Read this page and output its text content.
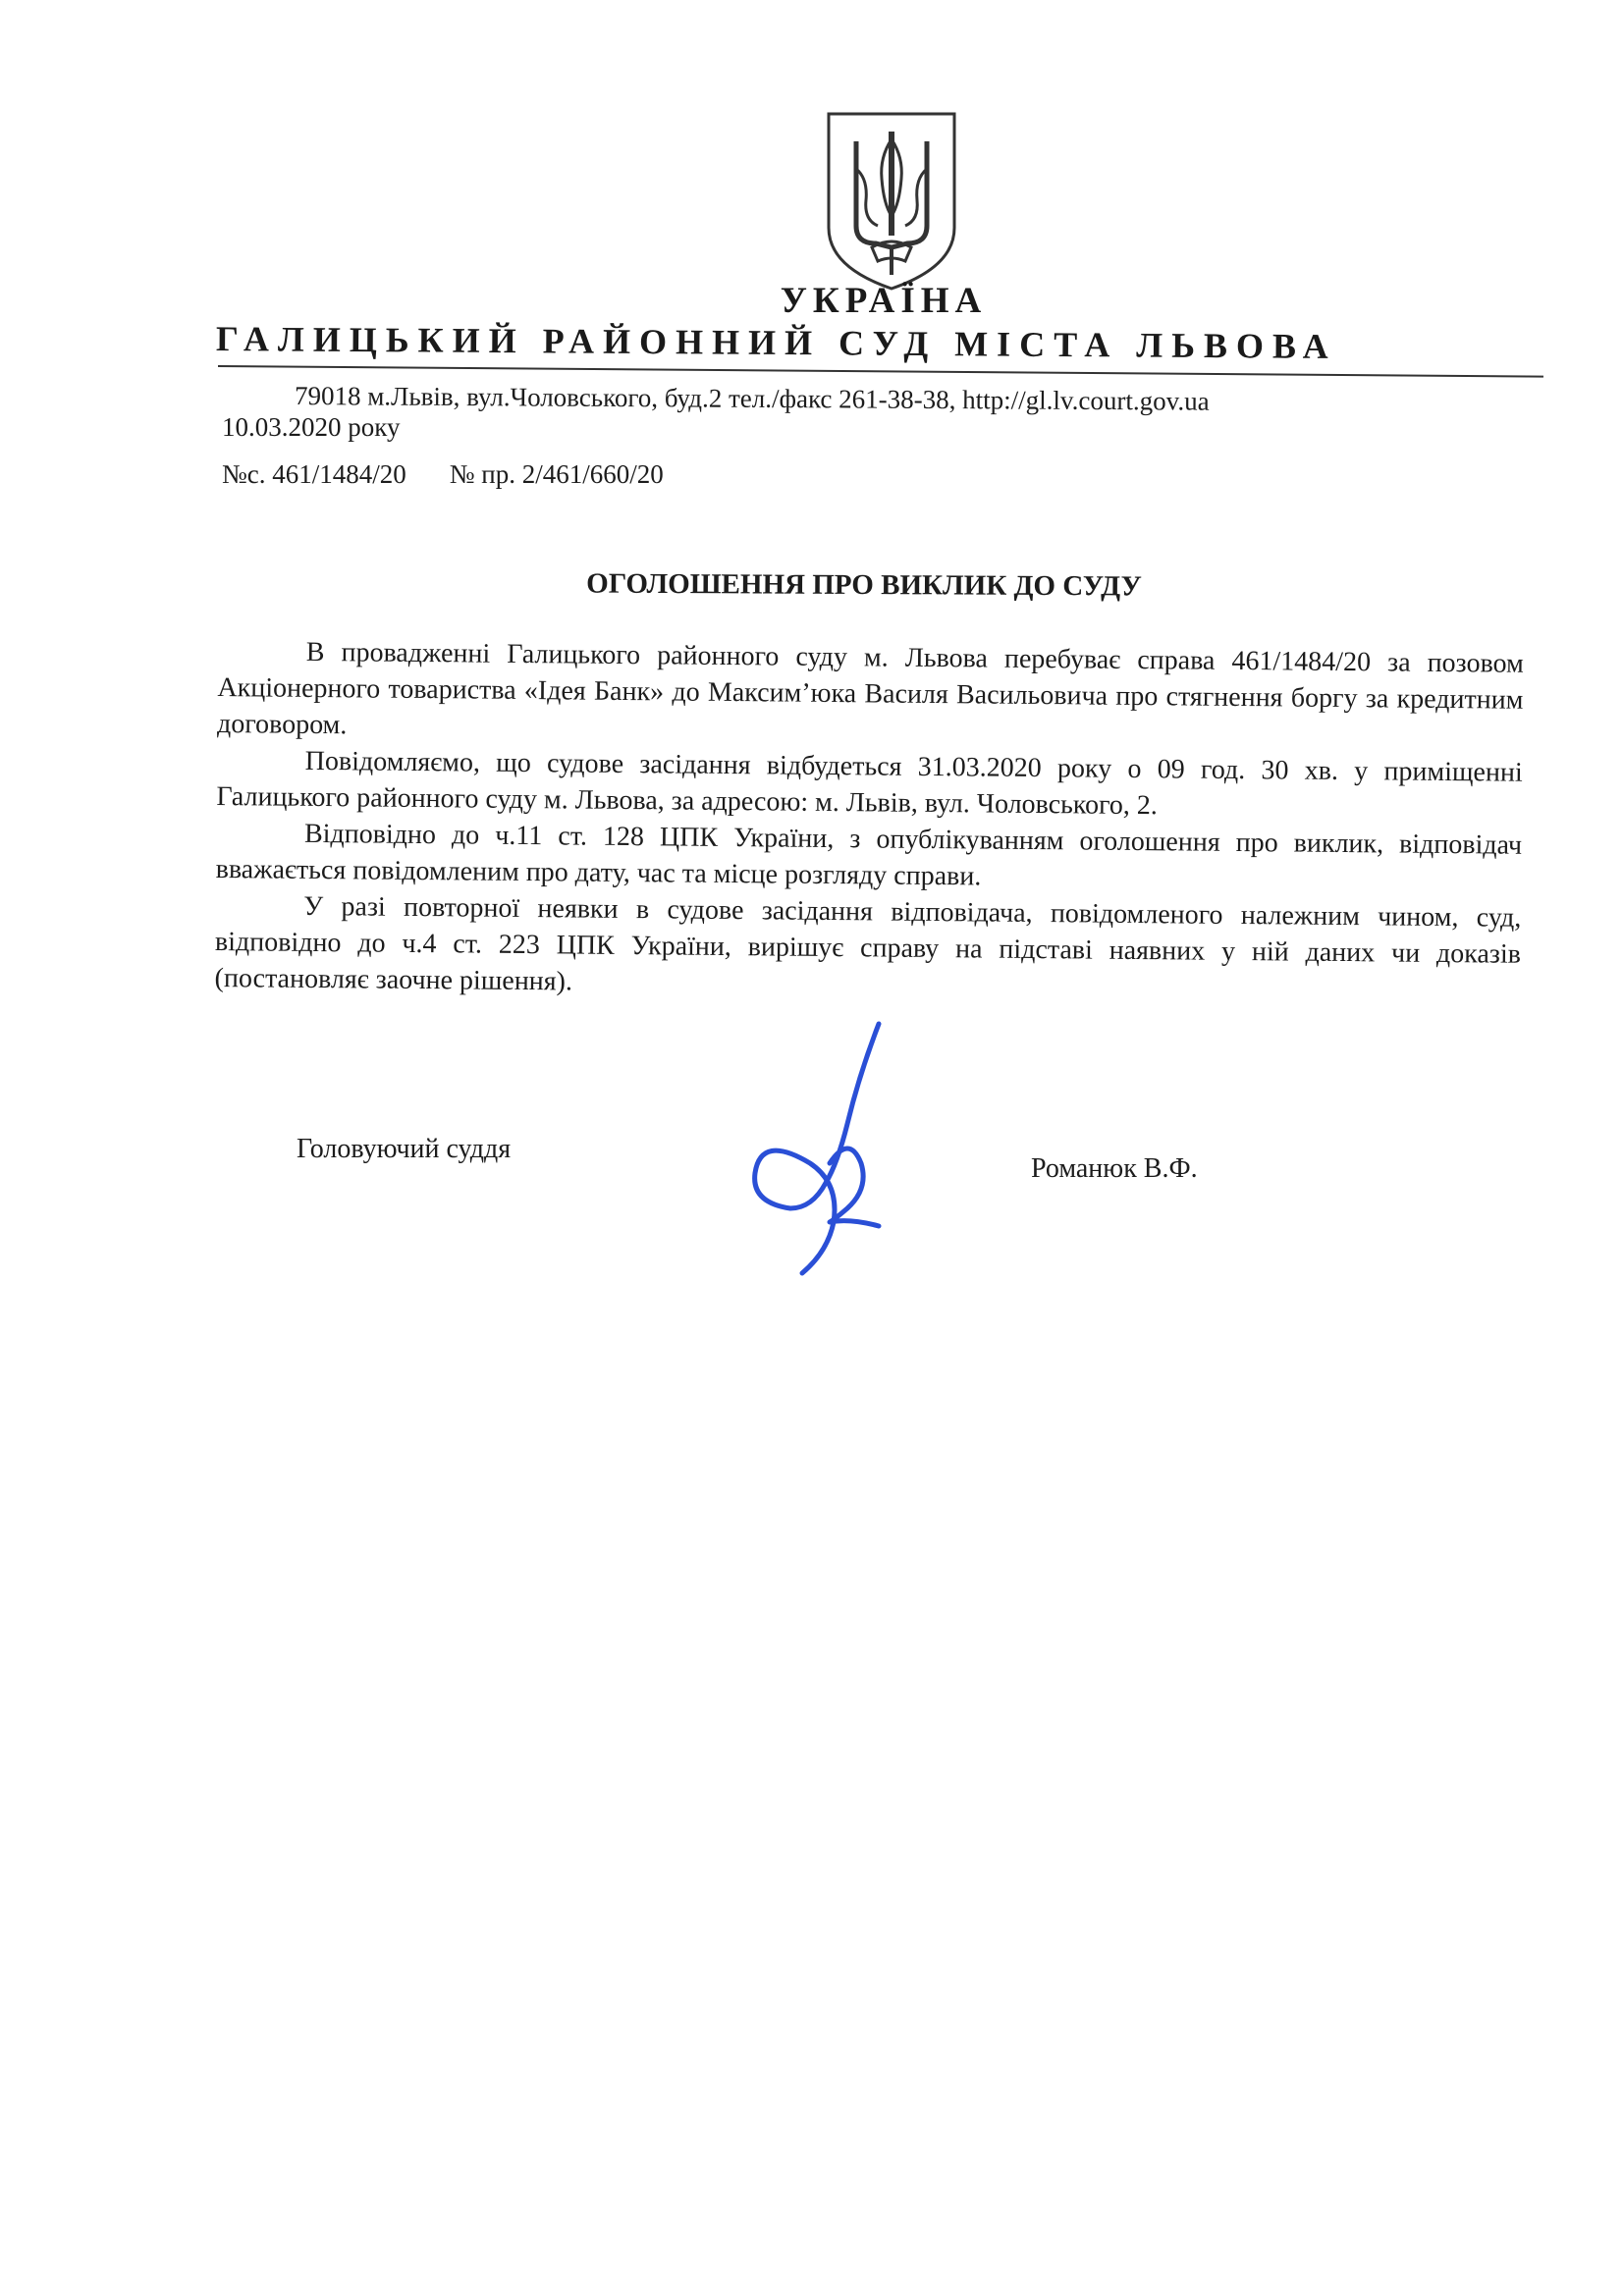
УКРАЇНА
ГАЛИЦЬКИЙ РАЙОННИЙ СУД МІСТА ЛЬВОВА
79018 м.Львів, вул.Чоловського, буд.2 тел./факс 261-38-38, http://gl.lv.court.gov.ua
10.03.2020 року
№с. 461/1484/20 № пр. 2/461/660/20
ОГОЛОШЕННЯ ПРО ВИКЛИК ДО СУДУ

В провадженні Галицького районного суду м. Львова перебуває справа 461/1484/20 за позовом Акціонерного товариства «Ідея Банк» до Максим’юка Василя Васильовича про стягнення боргу за кредитним договором.

Повідомляємо, що судове засідання відбудеться 31.03.2020 року о 09 год. 30 хв. у приміщенні Галицького районного суду м. Львова, за адресою: м. Львів, вул. Чоловського, 2.

Відповідно до ч.11 ст. 128 ЦПК України, з опублікуванням оголошення про виклик, відповідач вважається повідомленим про дату, час та місце розгляду справи.

У разі повторної неявки в судове засідання відповідача, повідомленого належним чином, суд, відповідно до ч.4 ст. 223 ЦПК України, вирішує справу на підставі наявних у ній даних чи доказів (постановляє заочне рішення).

Головуючий суддя
Романюк В.Ф.
